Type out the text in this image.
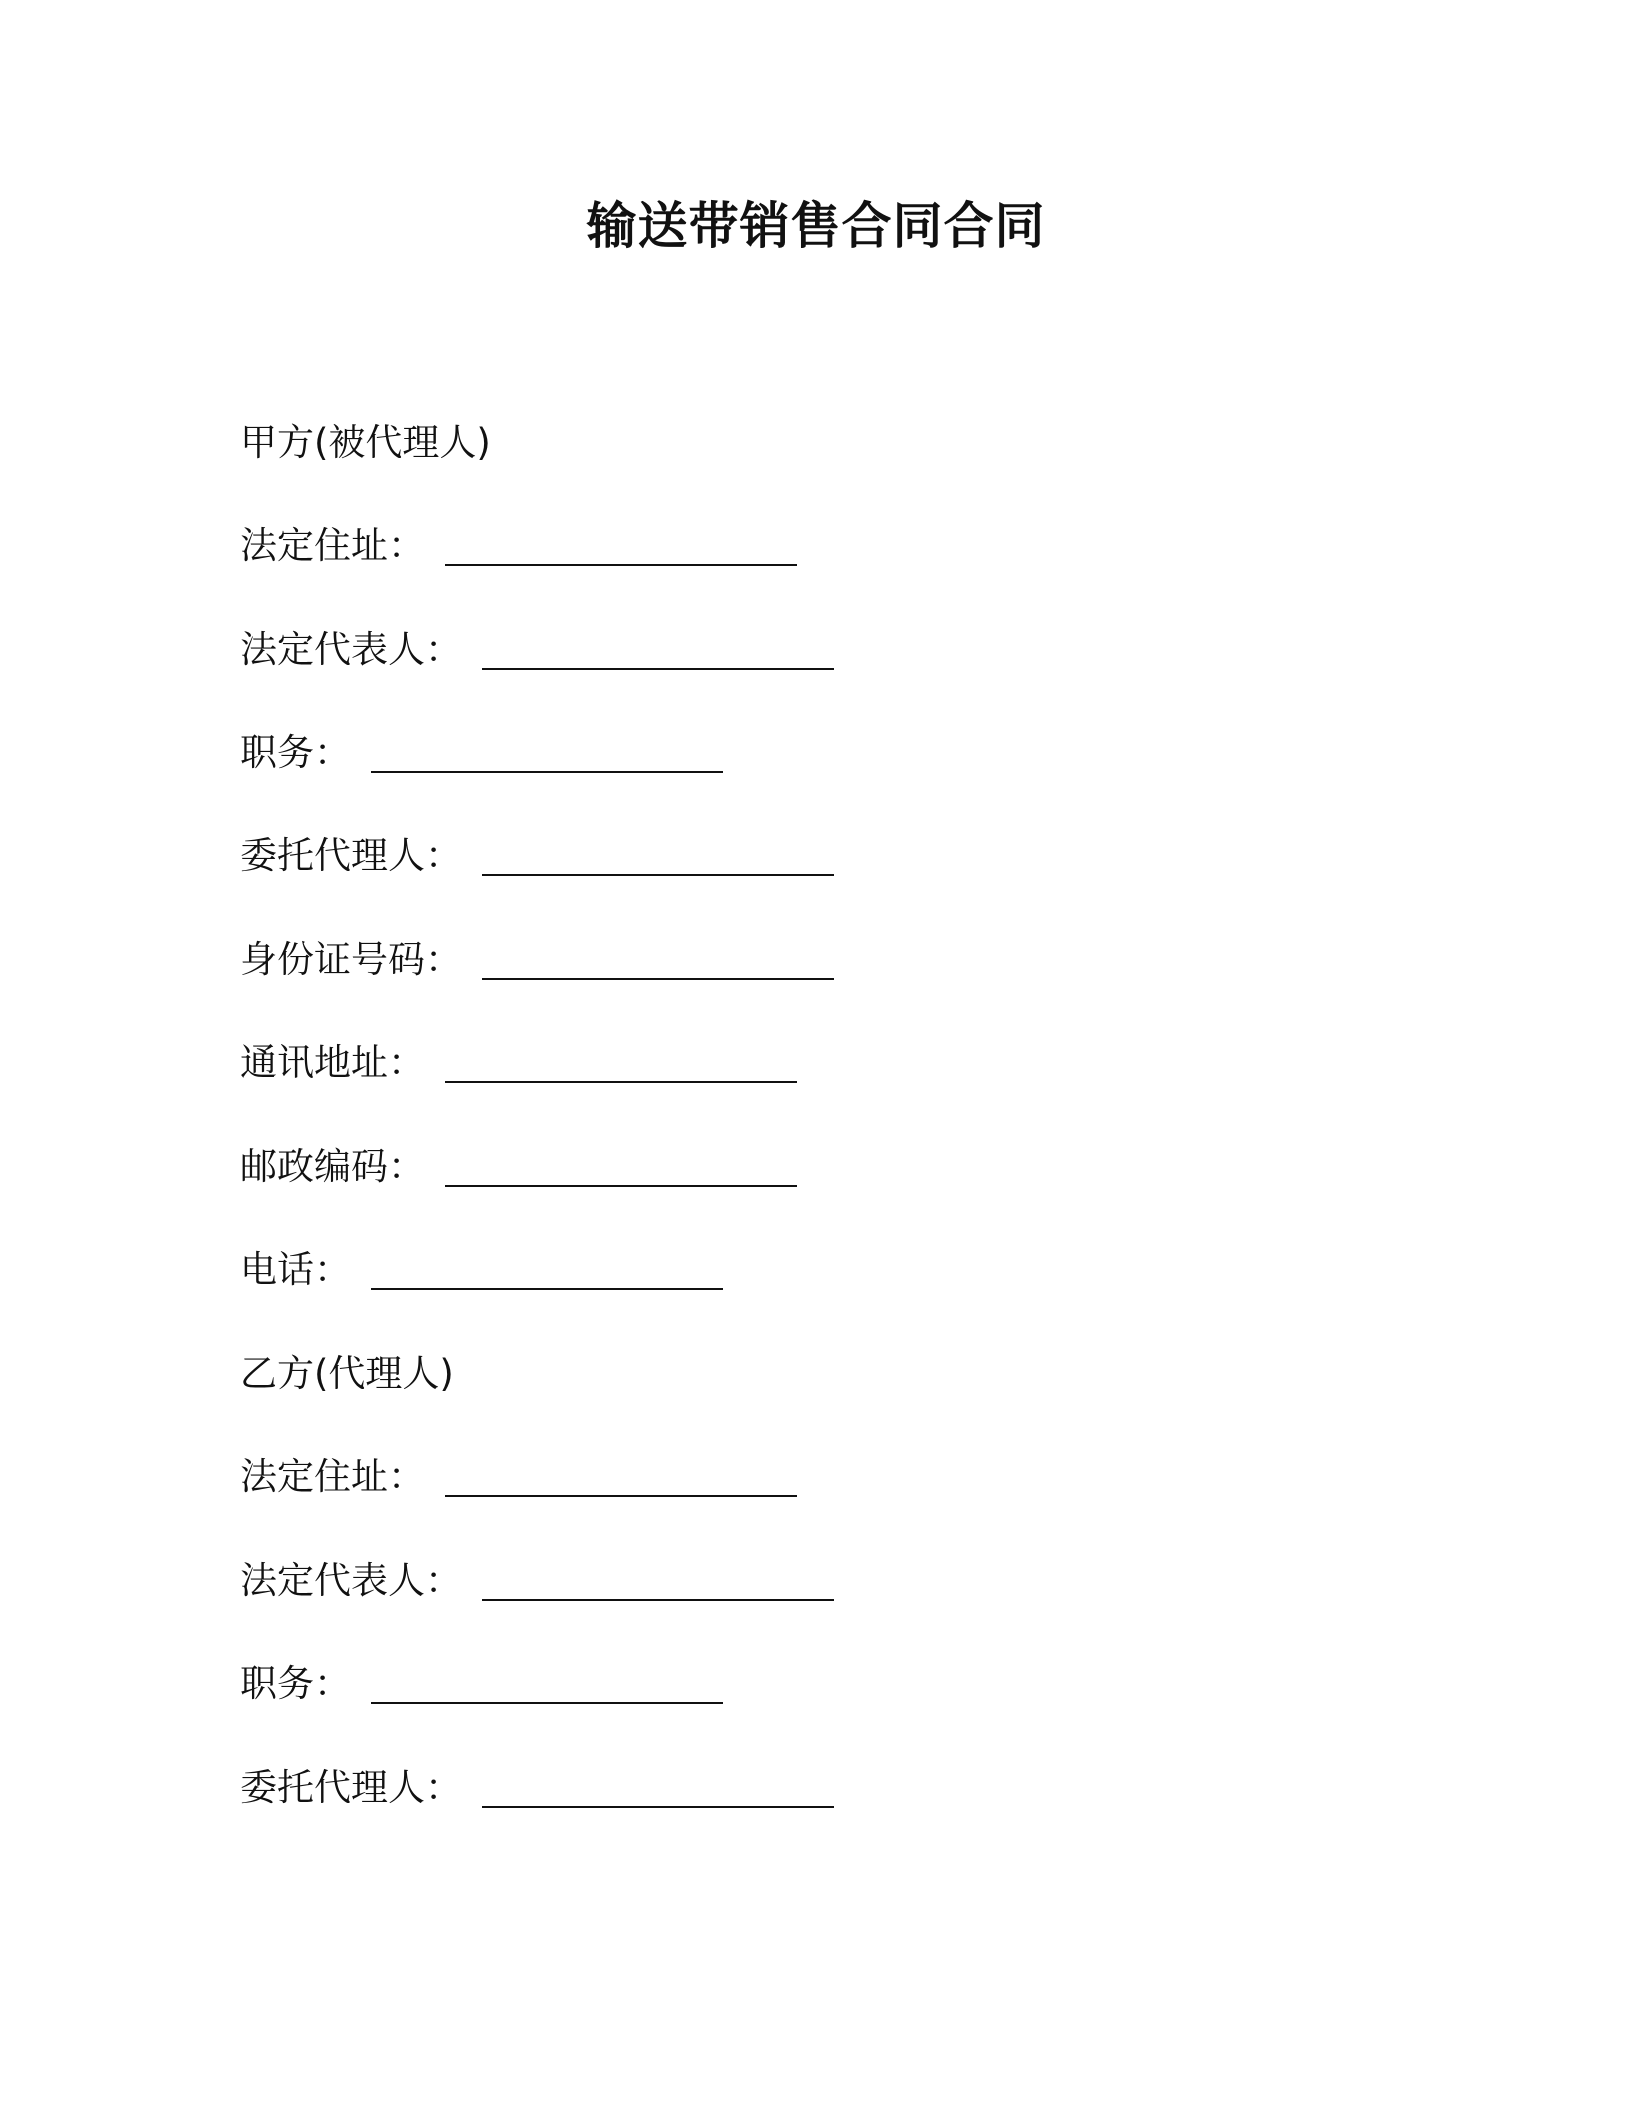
输送带销售合同合同
甲方(被代理人)
法定住址：
法定代表人：
职务：
委托代理人：
身份证号码：
通讯地址：
邮政编码：
电话：
乙方(代理人)
法定住址：
法定代表人：
职务：
委托代理人：
